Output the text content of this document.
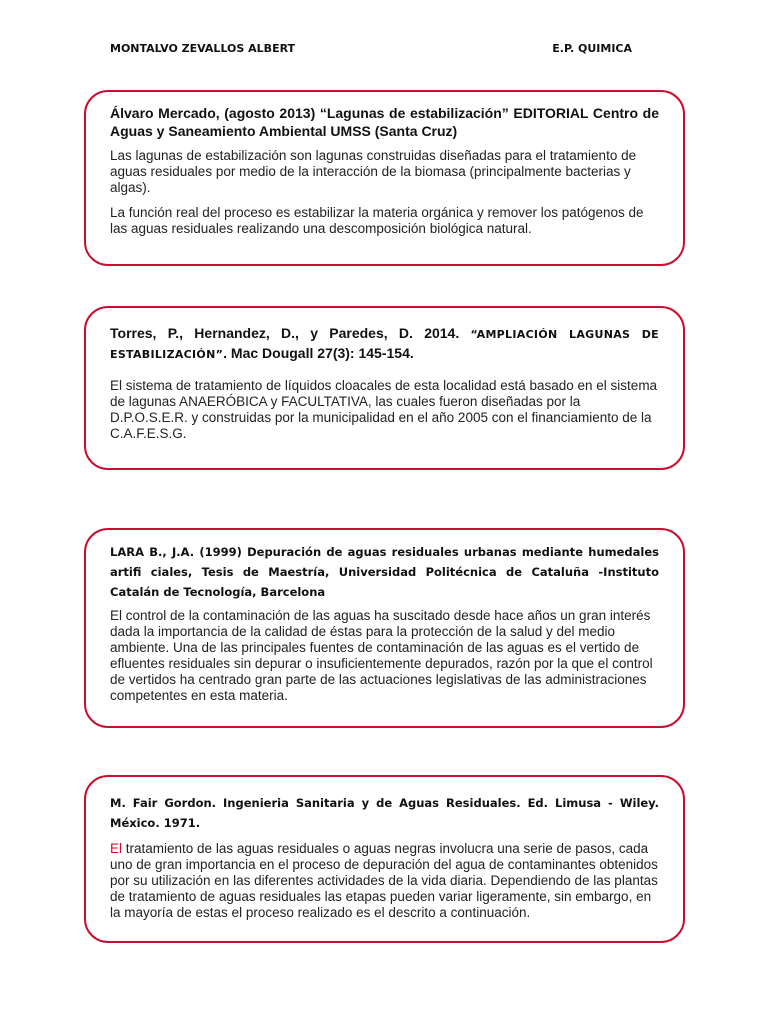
MONTALVO ZEVALLOS ALBERT	E.P. QUIMICA
Álvaro Mercado, (agosto 2013) “Lagunas de estabilización” EDITORIAL Centro de Aguas y Saneamiento Ambiental UMSS (Santa Cruz)

Las lagunas de estabilización son lagunas construidas diseñadas para el tratamiento de aguas residuales por medio de la interacción de la biomasa (principalmente bacterias y algas).

La función real del proceso es estabilizar la materia orgánica y remover los patógenos de las aguas residuales realizando una descomposición biológica natural.

Torres, P., Hernandez, D., y Paredes, D. 2014. “AMPLIACIÓN LAGUNAS DE ESTABILIZACIÓN”. Mac Dougall 27(3): 145-154.

El sistema de tratamiento de líquidos cloacales de esta localidad está basado en el sistema de lagunas ANAERÓBICA y FACULTATIVA, las cuales fueron diseñadas por la D.P.O.S.E.R. y construidas por la municipalidad en el año 2005 con el financiamiento de la C.A.F.E.S.G.

LARA B., J.A. (1999) Depuración de aguas residuales urbanas mediante humedales artifi ciales, Tesis de Maestría, Universidad Politécnica de Cataluña -Instituto Catalán de Tecnología, Barcelona

El control de la contaminación de las aguas ha suscitado desde hace años un gran interés dada la importancia de la calidad de éstas para la protección de la salud y del medio ambiente. Una de las principales fuentes de contaminación de las aguas es el vertido de efluentes residuales sin depurar o insuficientemente depurados, razón por la que el control de vertidos ha centrado gran parte de las actuaciones legislativas de las administraciones competentes en esta materia.

M. Fair Gordon. Ingenieria Sanitaria y de Aguas Residuales. Ed. Limusa - Wiley. México. 1971.

El tratamiento de las aguas residuales o aguas negras involucra una serie de pasos, cada uno de gran importancia en el proceso de depuración del agua de contaminantes obtenidos por su utilización en las diferentes actividades de la vida diaria. Dependiendo de las plantas de tratamiento de aguas residuales las etapas pueden variar ligeramente, sin embargo, en la mayoría de estas el proceso realizado es el descrito a continuación.
